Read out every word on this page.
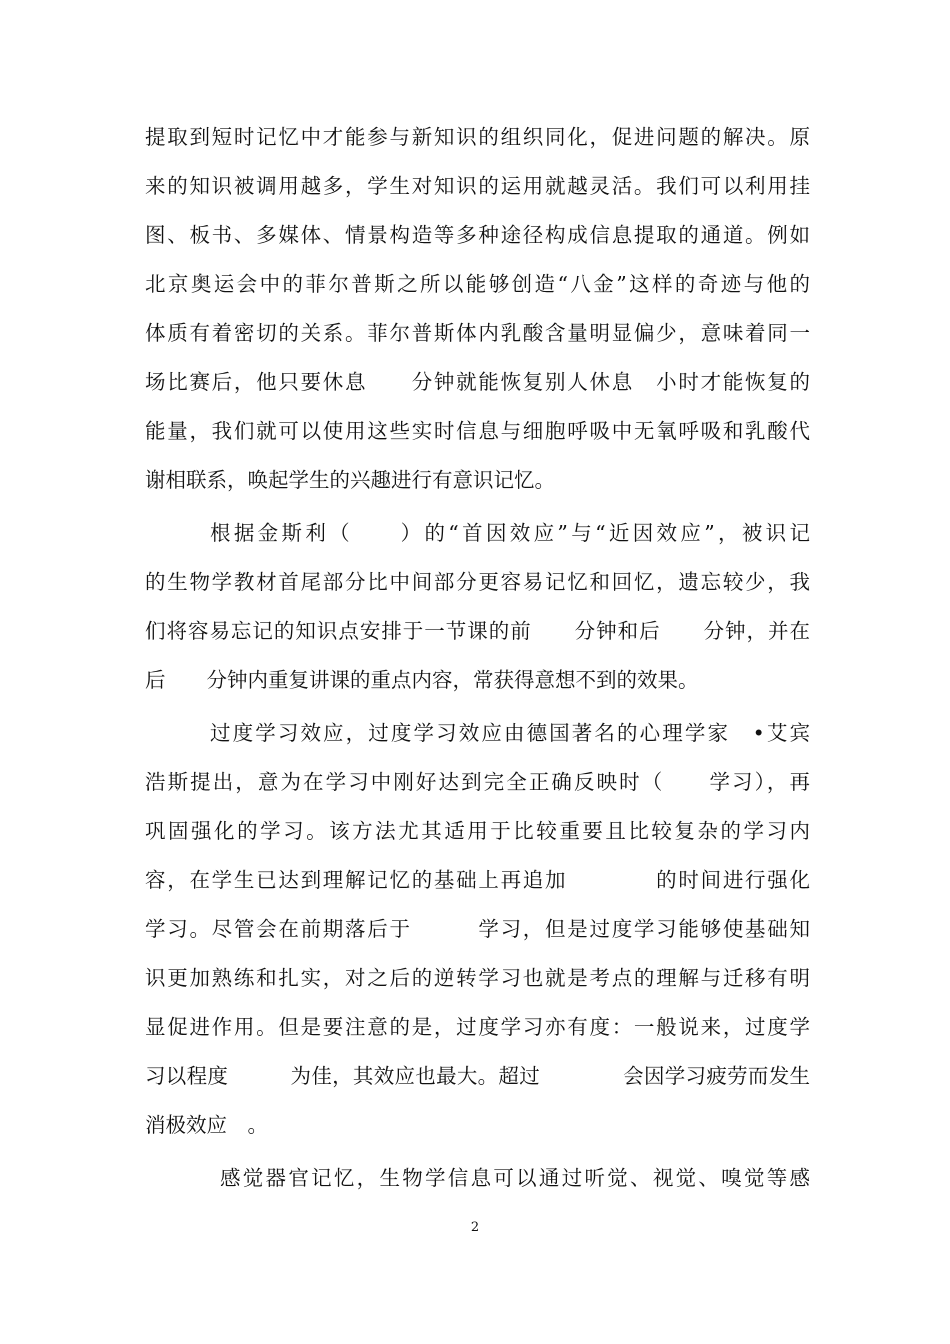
提取到短时记忆中才能参与新知识的组织同化，促进问题的解决。原
来的知识被调用越多，学生对知识的运用就越灵活。我们可以利用挂
图、板书、多媒体、情景构造等多种途径构成信息提取的通道。例如
北京奥运会中的菲尔普斯之所以能够创造“八金”这样的奇迹与他的
体质有着密切的关系。菲尔普斯体内乳酸含量明显偏少，意味着同一
场比赛后，他只要休息　　分钟就能恢复别人休息　小时才能恢复的
能量，我们就可以使用这些实时信息与细胞呼吸中无氧呼吸和乳酸代
谢相联系，唤起学生的兴趣进行有意识记忆。
根据金斯利（　　）的“首因效应”与“近因效应”，被识记
的生物学教材首尾部分比中间部分更容易记忆和回忆，遗忘较少，我
们将容易忘记的知识点安排于一节课的前　　分钟和后　　分钟，并在
后　　分钟内重复讲课的重点内容，常获得意想不到的效果。
过度学习效应，过度学习效应由德国著名的心理学家　•艾宾
浩斯提出，意为在学习中刚好达到完全正确反映时（　　学习），再
巩固强化的学习。该方法尤其适用于比较重要且比较复杂的学习内
容，在学生已达到理解记忆的基础上再追加　　　　的时间进行强化
学习。尽管会在前期落后于　　　学习，但是过度学习能够使基础知
识更加熟练和扎实，对之后的逆转学习也就是考点的理解与迁移有明
显促进作用。但是要注意的是，过度学习亦有度：一般说来，过度学
习以程度　　　为佳，其效应也最大。超过　　　　会因学习疲劳而发生
消极效应　。
感觉器官记忆，生物学信息可以通过听觉、视觉、嗅觉等感
2
